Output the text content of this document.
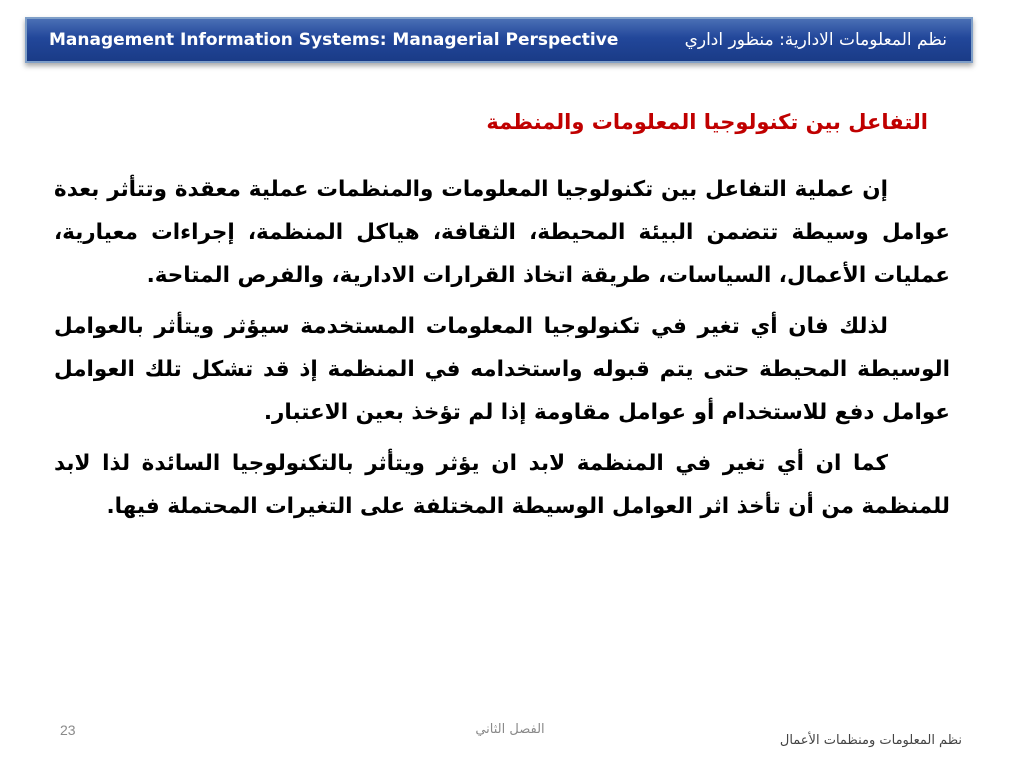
Management Information Systems: Managerial Perspective	نظم المعلومات الادارية: منظور اداري
التفاعل بين تكنولوجيا المعلومات والمنظمة

إن عملية التفاعل بين تكنولوجيا المعلومات والمنظمات عملية معقدة وتتأثر بعدة عوامل وسيطة تتضمن البيئة المحيطة، الثقافة، هياكل المنظمة، إجراءات معيارية، عمليات الأعمال، السياسات، طريقة اتخاذ القرارات الادارية، والفرص المتاحة.

لذلك فان أي تغير في تكنولوجيا المعلومات المستخدمة سيؤثر ويتأثر بالعوامل الوسيطة المحيطة حتى يتم قبوله واستخدامه في المنظمة إذ قد تشكل تلك العوامل عوامل دفع للاستخدام أو عوامل مقاومة إذا لم تؤخذ بعين الاعتبار.

كما ان أي تغير في المنظمة لابد ان يؤثر ويتأثر بالتكنولوجيا السائدة لذا لابد للمنظمة من أن تأخذ اثر العوامل الوسيطة المختلفة على التغيرات المحتملة فيها.

23	الفصل الثاني
نظم المعلومات ومنظمات الأعمال
